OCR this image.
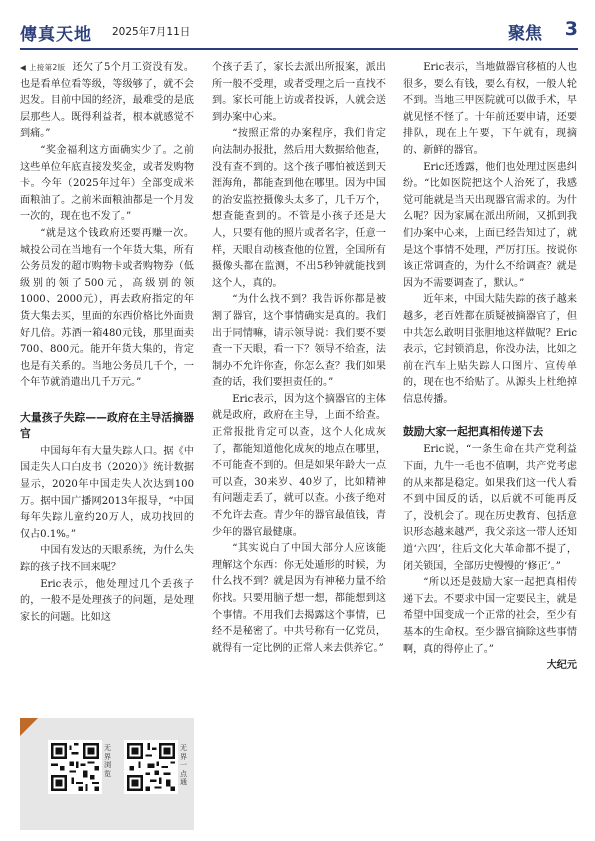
傳真天地 2025年7月11日	聚焦	3

◀ 上接第2版 还欠了5个月工资没有发。也是看单位看等级，等级够了，就不会迟发。目前中国的经济，最难受的是底层那些人。既得利益者，根本就感觉不到痛。”

“奖金福利这方面确实少了。之前这些单位年底直接发奖金，或者发购物卡。今年（2025年过年）全部变成米面粮油了。之前米面粮油都是一个月发一次的，现在也不发了。”

“就是这个钱政府还要再赚一次。城投公司在当地有一个年货大集，所有公务员发的超市购物卡或者购物券（低级别的领了500元，高级别的领1000、2000元），再去政府指定的年货大集去买，里面的东西价格比外面贵好几倍。苏酒一箱480元钱，那里面卖700、800元。能开年货大集的，肯定也是有关系的。当地公务员几千个，一个年节就消遣出几千万元。”

大量孩子失踪——政府在主导活摘器官

中国每年有大量失踪人口。据《中国走失人口白皮书（2020）》统计数据显示，2020年中国走失人次达到100万。据中国广播网2013年报导，“中国每年失踪儿童约20万人，成功找回的仅占0.1%。”

中国有发达的天眼系统，为什么失踪的孩子找不回来呢？

Eric表示，他处理过几个丢孩子的，一般不是处理孩子的问题，是处理家长的问题。比如这

个孩子丢了，家长去派出所报案，派出所一般不受理，或者受理之后一直找不到。家长可能上访或者投诉，人就会送到办案中心来。

“按照正常的办案程序，我们肯定向法制办报批，然后用大数据给他查，没有查不到的。这个孩子哪怕被送到天涯海角，都能查到他在哪里。因为中国的治安监控摄像头太多了，几千万个，想查能查到的。不管是小孩子还是大人，只要有他的照片或者名字，任意一样，天眼自动核查他的位置，全国所有摄像头都在监测，不出5秒钟就能找到这个人，真的。

“为什么找不到？我告诉你都是被割了器官，这个事情确实是真的。我们出于同情嘛，请示领导说：我们要不要查一下天眼，看一下？领导不给查，法制办不允许你查，你怎么查？我们如果查的话，我们要担责任的。”

Eric表示，因为这个摘器官的主体就是政府，政府在主导，上面不给查。正常报批肯定可以查，这个人化成灰了，都能知道他化成灰的地点在哪里，不可能查不到的。但是如果年龄大一点可以查，30来岁、40岁了，比如精神有问题走丢了，就可以查。小孩子绝对不允许去查。青少年的器官最值钱，青少年的器官最健康。

“其实说白了中国大部分人应该能理解这个东西：你无处遁形的时候，为什么找不到？就是因为有神秘力量不给你找。只要用脑子想一想，都能想到这个事情。不用我们去揭露这个事情，已经不是秘密了。中共号称有一亿党员，就得有一定比例的正常人来去供养它。”

Eric表示，当地做器官移植的人也很多，要么有钱，要么有权，一般人轮不到。当地三甲医院就可以做手术，早就见怪不怪了。十年前还要申请，还要排队，现在上午要，下午就有，现摘的、新鲜的器官。

Eric还透露，他们也处理过医患纠纷。“比如医院把这个人治死了，我感觉可能就是当天出现器官需求的。为什么呢？因为家属在派出所闹，又抓到我们办案中心来，上面已经告知过了，就是这个事情不处理，严厉打压。按说你该正常调查的，为什么不给调查？就是因为不需要调查了，默认。”

近年来，中国大陆失踪的孩子越来越多，老百姓都在质疑被摘器官了，但中共怎么敢明目张胆地这样做呢？Eric表示，它封锁消息，你没办法，比如之前在汽车上贴失踪人口图片、宣传单的，现在也不给贴了。从源头上杜绝掉信息传播。

鼓励大家一起把真相传递下去

Eric说，“一条生命在共产党利益下面，九牛一毛也不值啊，共产党考虑的从来都是稳定。如果我们这一代人看不到中国反的话，以后就不可能再反了，没机会了。现在历史教育、包括意识形态越来越严，我父亲这一带人还知道‘六四’，往后文化大革命都不提了，闭关锁国，全部历史慢慢的‘修正’。”

“所以还是鼓励大家一起把真相传递下去。不要求中国一定要民主，就是希望中国变成一个正常的社会，至少有基本的生命权。至少器官摘除这些事情啊，真的得停止了。”

大纪元
无界浏览
无界一点通
